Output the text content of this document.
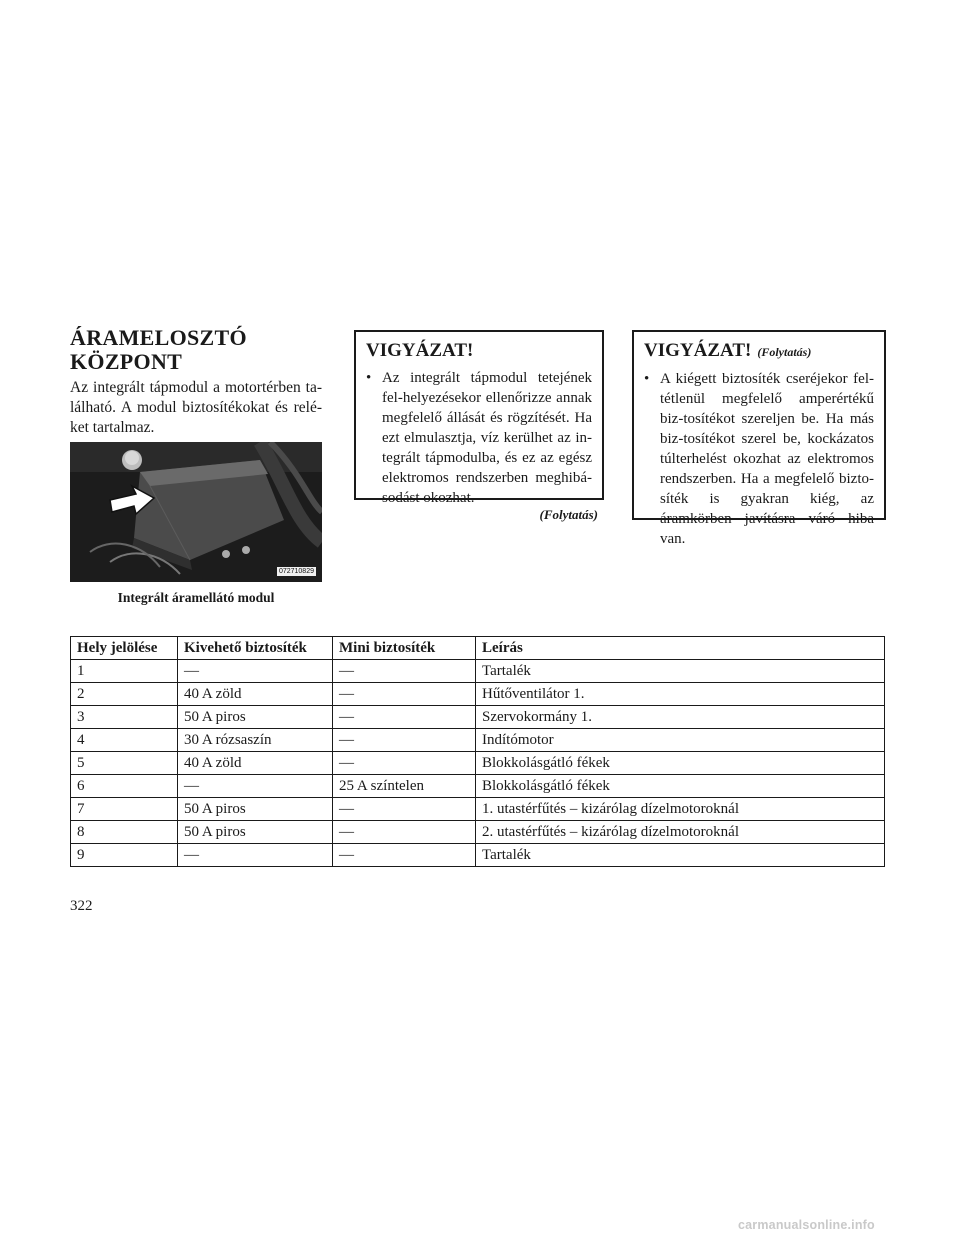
ÁRAMELOSZTÓ
KÖZPONT
Az integrált tápmodul a motortérben ta-lálható. A modul biztosítékokat és relé-ket tartalmaz.
072710829
Integrált áramellátó modul
VIGYÁZAT!
• Az integrált tápmodul tetejének fel-helyezésekor ellenőrizze annak megfelelő állását és rögzítését. Ha ezt elmulasztja, víz kerülhet az in-tegrált tápmodulba, és ez az egész elektromos rendszerben meghibá-sodást okozhat.
(Folytatás)
VIGYÁZAT! (Folytatás)
• A kiégett biztosíték cseréjekor fel-tétlenül megfelelő amperértékű biz-tosítékot szereljen be. Ha más biz-tosítékot szerel be, kockázatos túlterhelést okozhat az elektromos rendszerben. Ha a megfelelő bizto-síték is gyakran kiég, az áramkörben javításra váró hiba van.
Hely jelölése	Kivehető biztosíték	Mini biztosíték	Leírás
1	—	—	Tartalék
2	40 A zöld	—	Hűtőventilátor 1.
3	50 A piros	—	Szervokormány 1.
4	30 A rózsaszín	—	Indítómotor
5	40 A zöld	—	Blokkolásgátló fékek
6	—	25 A színtelen	Blokkolásgátló fékek
7	50 A piros	—	1. utastérfűtés – kizárólag dízelmotoroknál
8	50 A piros	—	2. utastérfűtés – kizárólag dízelmotoroknál
9	—	—	Tartalék
322
carmanualsonline.info
